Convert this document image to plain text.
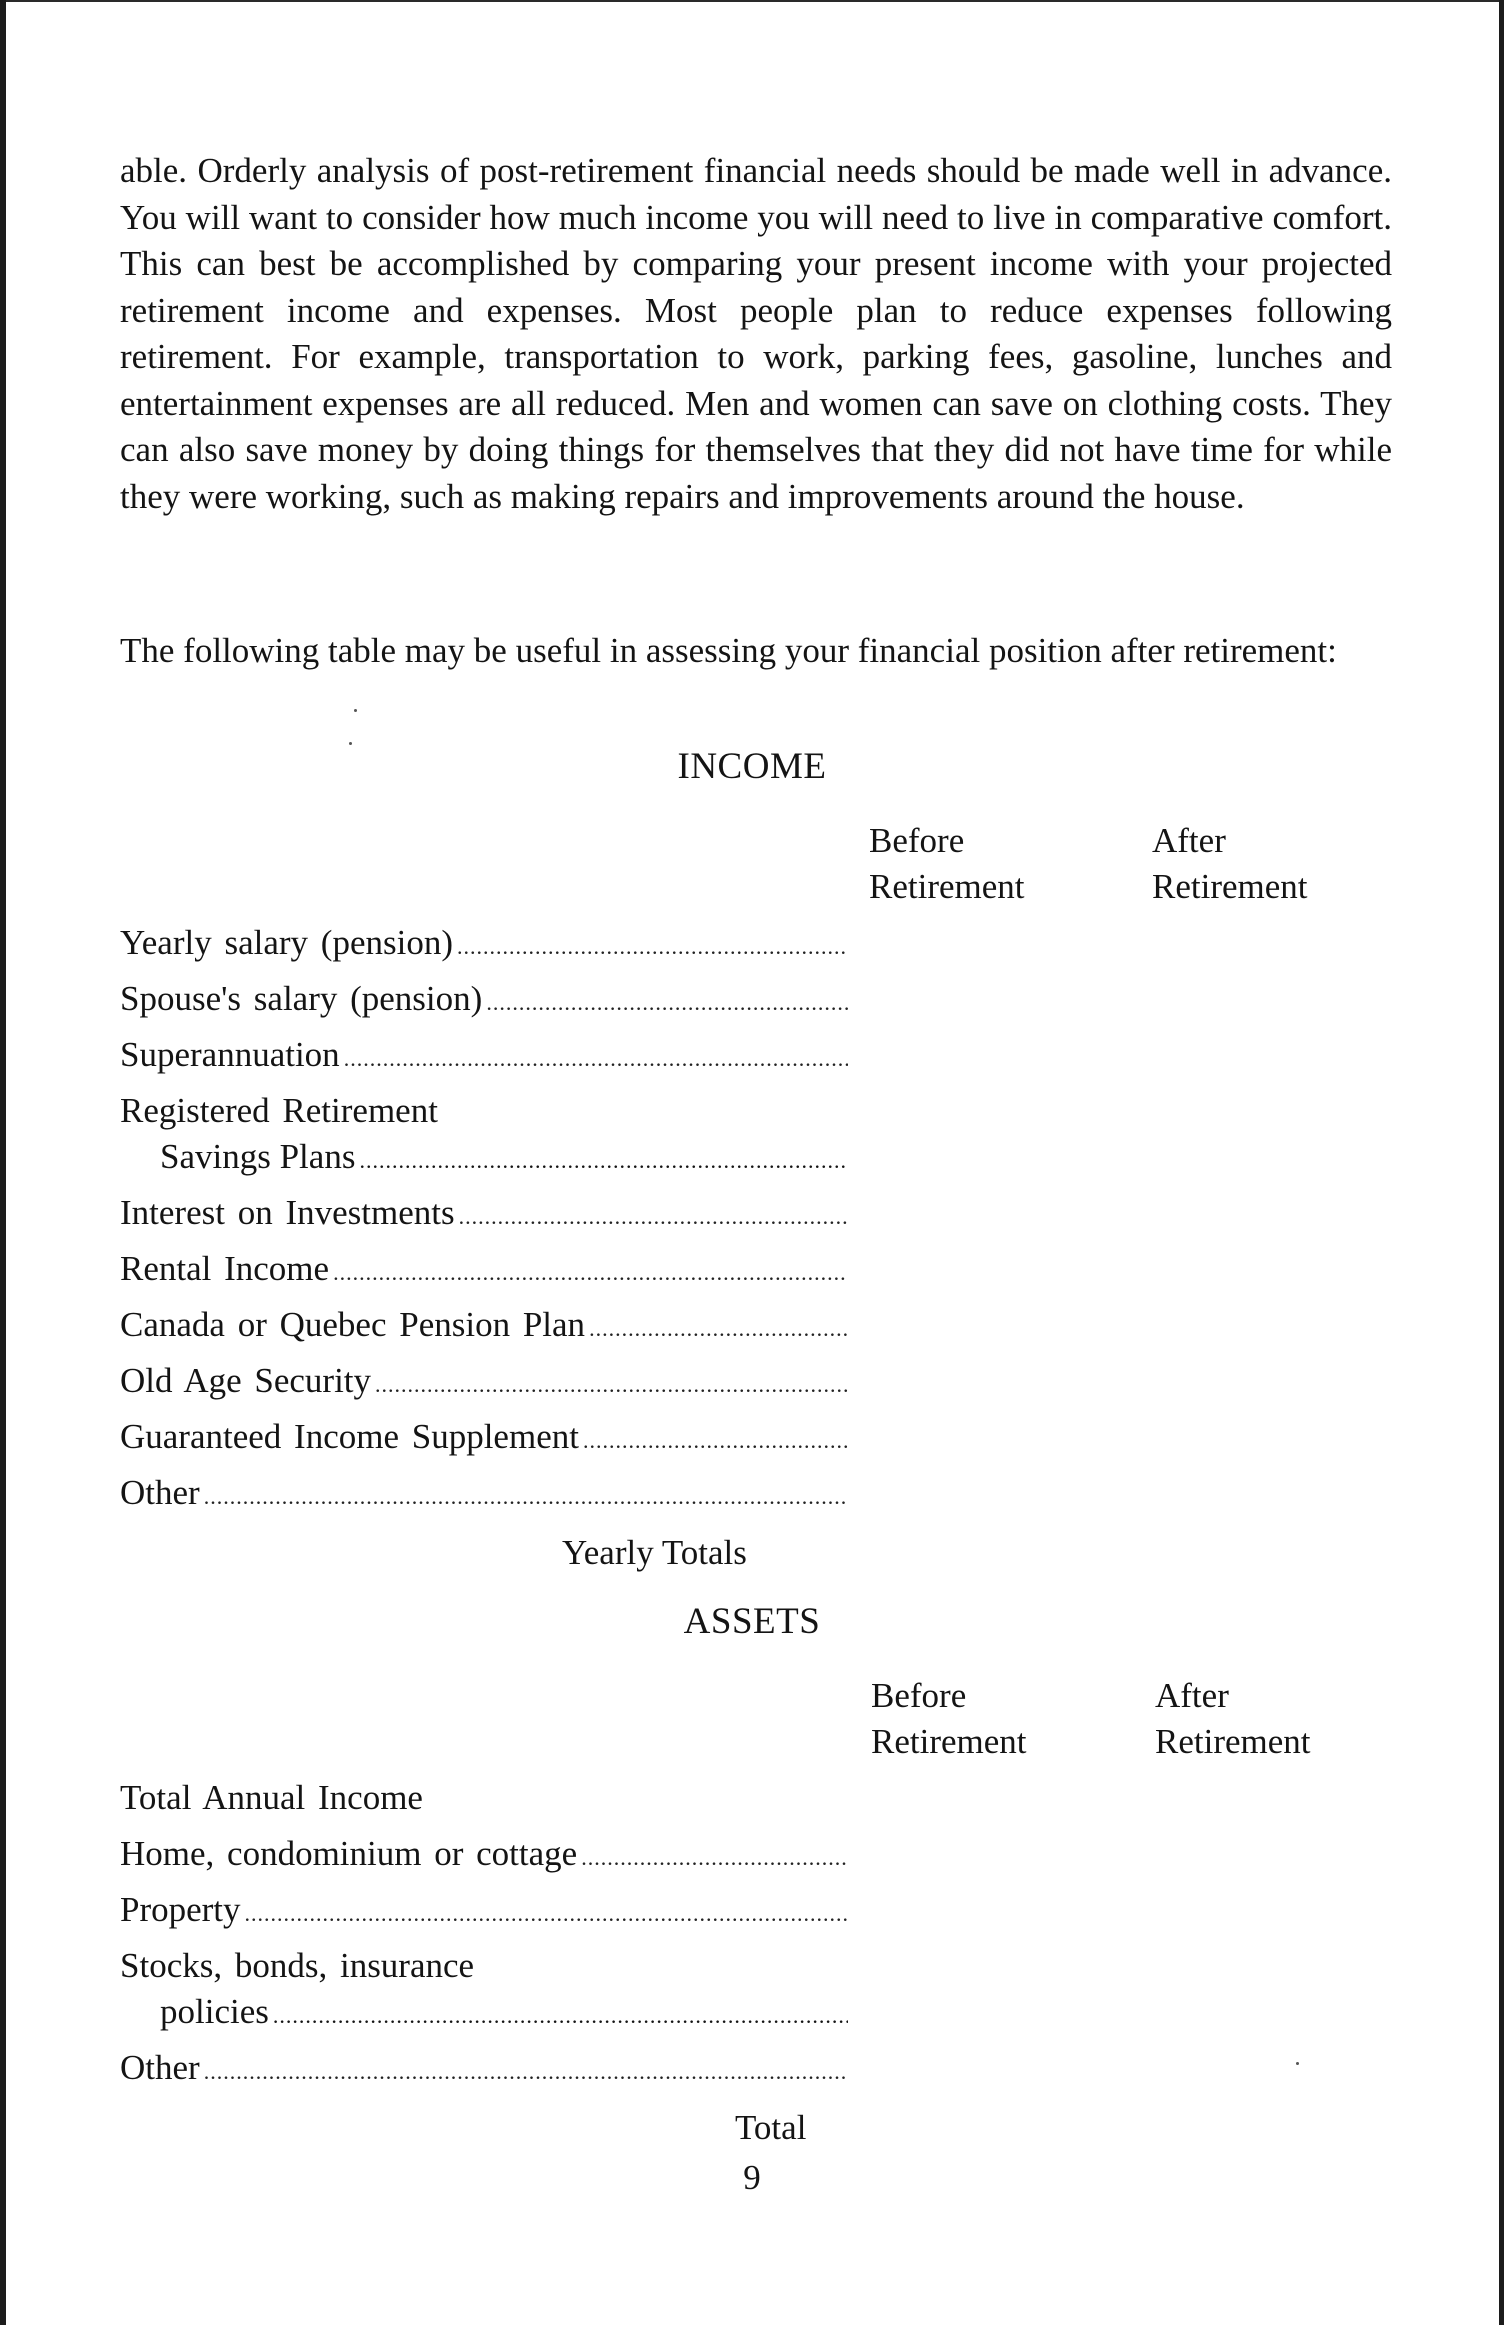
able. Orderly analysis of post-retirement financial needs should be made well in advance. You will want to consider how much income you will need to live in comparative comfort. This can best be accomplished by comparing your present income with your projected retirement income and expenses. Most people plan to reduce expenses following retirement. For example, transportation to work, parking fees, gasoline, lunches and entertainment expenses are all reduced. Men and women can save on clothing costs. They can also save money by doing things for themselves that they did not have time for while they were working, such as making repairs and improvements around the house.

The following table may be useful in assessing your financial position after retirement:

INCOME
Before
Retirement
After
Retirement
Yearly salary (pension)
.....
Spouse's salary (pension)
.....
Superannuation
.....
Registered Retirement
Savings Plans
.....
Interest on Investments
.....
Rental Income
.....
Canada or Quebec Pension Plan
.....
Old Age Security
.....
Guaranteed Income Supplement
.....
Other
.....
Yearly Totals
ASSETS
Before
Retirement
After
Retirement
Total Annual Income
Home, condominium or cottage
.....
Property
.....
Stocks, bonds, insurance
policies
.....
Other
.....
Total
9
